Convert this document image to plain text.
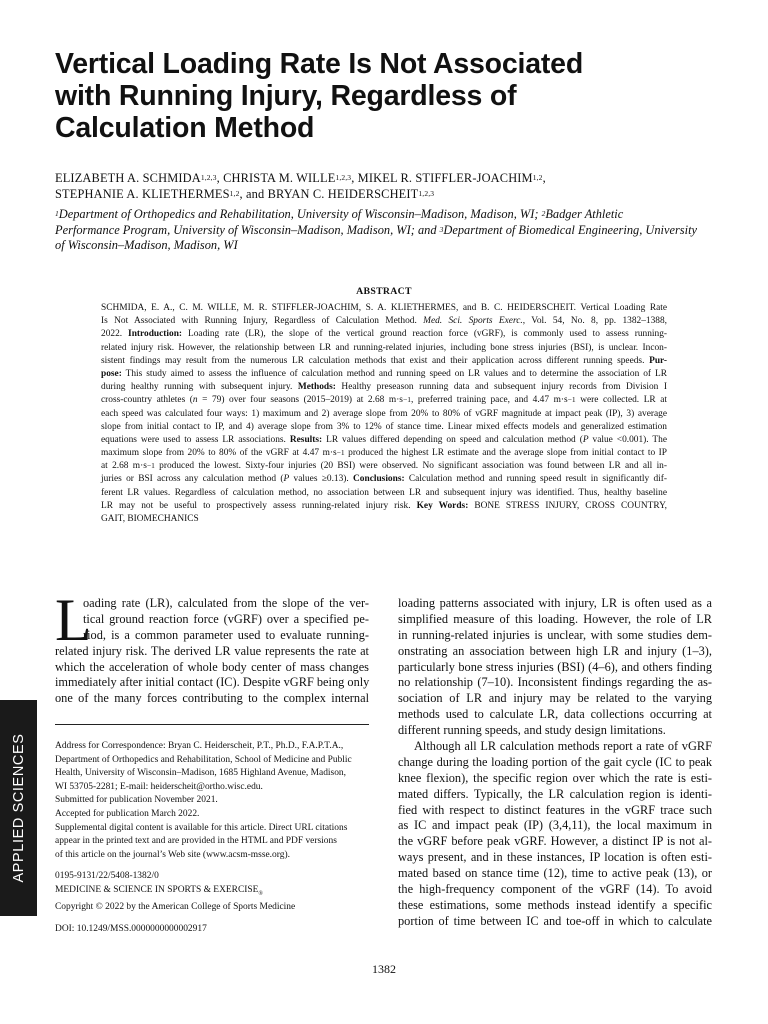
Vertical Loading Rate Is Not Associated
with Running Injury, Regardless of
Calculation Method
ELIZABETH A. SCHMIDA$^{1,2,3}$, CHRISTA M. WILLE$^{1,2,3}$, MIKEL R. STIFFLER-JOACHIM$^{1,2}$,
STEPHANIE A. KLIETHERMES$^{1,2}$, and BRYAN C. HEIDERSCHEIT$^{1,2,3}$
$^1$Department of Orthopedics and Rehabilitation, University of Wisconsin–Madison, Madison, WI; $^2$Badger Athletic
Performance Program, University of Wisconsin–Madison, Madison, WI; and $^3$Department of Biomedical Engineering, University
of Wisconsin–Madison, Madison, WI
ABSTRACT
SCHMIDA, E. A., C. M. WILLE, M. R. STIFFLER-JOACHIM, S. A. KLIETHERMES, and B. C. HEIDERSCHEIT. Vertical Loading Rate
Is Not Associated with Running Injury, Regardless of Calculation Method. Med. Sci. Sports Exerc., Vol. 54, No. 8, pp. 1382–1388,
2022. Introduction: Loading rate (LR), the slope of the vertical ground reaction force (vGRF), is commonly used to assess running-
related injury risk. However, the relationship between LR and running-related injuries, including bone stress injuries (BSI), is unclear. Incon-
sistent findings may result from the numerous LR calculation methods that exist and their application across different running speeds. Pur-
pose: This study aimed to assess the influence of calculation method and running speed on LR values and to determine the association of LR
during healthy running with subsequent injury. Methods: Healthy preseason running data and subsequent injury records from Division I
cross-country athletes (n = 79) over four seasons (2015–2019) at 2.68 $m\cdot s^{-1}$, preferred training pace, and 4.47 $m\cdot s^{-1}$ were collected. LR at
each speed was calculated four ways: 1) maximum and 2) average slope from 20% to 80% of vGRF magnitude at impact peak (IP), 3) average
slope from initial contact to IP, and 4) average slope from 3% to 12% of stance time. Linear mixed effects models and generalized estimation
equations were used to assess LR associations. Results: LR values differed depending on speed and calculation method (P value <0.001). The
maximum slope from 20% to 80% of the vGRF at 4.47 $m\cdot s^{-1}$ produced the highest LR estimate and the average slope from initial contact to IP
at 2.68 $m\cdot s^{-1}$ produced the lowest. Sixty-four injuries (20 BSI) were observed. No significant association was found between LR and all in-
juries or BSI across any calculation method (P values ≥0.13). Conclusions: Calculation method and running speed result in significantly dif-
ferent LR values. Regardless of calculation method, no association between LR and subsequent injury was identified. Thus, healthy baseline
LR may not be useful to prospectively assess running-related injury risk. Key Words: BONE STRESS INJURY, CROSS COUNTRY,
GAIT, BIOMECHANICS
L
oading rate (LR), calculated from the slope of the ver-
tical ground reaction force (vGRF) over a specified pe-
riod, is a common parameter used to evaluate running-
related injury risk. The derived LR value represents the rate at
which the acceleration of whole body center of mass changes
immediately after initial contact (IC). Despite vGRF being only
one of the many forces contributing to the complex internal
Address for Correspondence: Bryan C. Heiderscheit, P.T., Ph.D., F.A.P.T.A.,
Department of Orthopedics and Rehabilitation, School of Medicine and Public
Health, University of Wisconsin–Madison, 1685 Highland Avenue, Madison,
WI 53705-2281; E-mail: heiderscheit@ortho.wisc.edu.
Submitted for publication November 2021.
Accepted for publication March 2022.
Supplemental digital content is available for this article. Direct URL citations
appear in the printed text and are provided in the HTML and PDF versions
of this article on the journal’s Web site (www.acsm-msse.org).
0195-9131/22/5408-1382/0
MEDICINE & SCIENCE IN SPORTS & $EXERCISE_®$
Copyright © 2022 by the American College of Sports Medicine
DOI: 10.1249/MSS.0000000000002917
loading patterns associated with injury, LR is often used as a
simplified measure of this loading. However, the role of LR
in running-related injuries is unclear, with some studies dem-
onstrating an association between high LR and injury (1–3),
particularly bone stress injuries (BSI) (4–6), and others finding
no relationship (7–10). Inconsistent findings regarding the as-
sociation of LR and injury may be related to the varying
methods used to calculate LR, data collections occurring at
different running speeds, and study design limitations.
Although all LR calculation methods report a rate of vGRF
change during the loading portion of the gait cycle (IC to peak
knee flexion), the specific region over which the rate is esti-
mated differs. Typically, the LR calculation region is identi-
fied with respect to distinct features in the vGRF trace such
as IC and impact peak (IP) (3,4,11), the local maximum in
the vGRF before peak vGRF. However, a distinct IP is not al-
ways present, and in these instances, IP location is often esti-
mated based on stance time (12), time to active peak (13), or
the high-frequency component of the vGRF (14). To avoid
these estimations, some methods instead identify a specific
portion of time between IC and toe-off in which to calculate
APPLIED SCIENCES
1382
